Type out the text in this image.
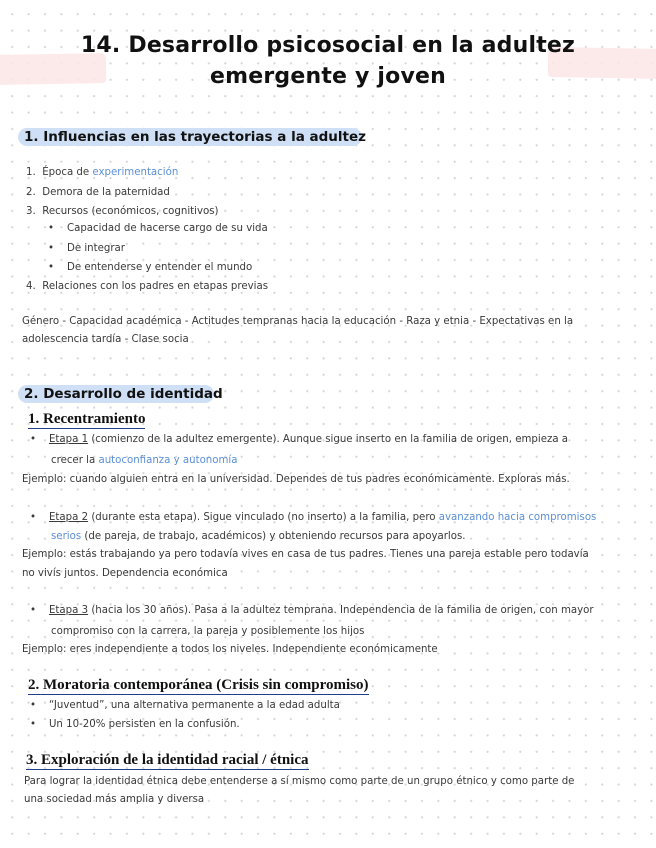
14. Desarrollo psicosocial en la adultez
emergente y joven
1. Influencias en las trayectorias a la adultez
1. Época de experimentación
2. Demora de la paternidad
3. Recursos (económicos, cognitivos)
•    Capacidad de hacerse cargo de su vida
•    De integrar
•    De entenderse y entender el mundo
4. Relaciones con los padres en etapas previas
Género - Capacidad académica - Actitudes tempranas hacia la educación - Raza y etnia - Expectativas en la
adolescencia tardía - Clase socia
2. Desarrollo de identidad
1. Recentramiento
•    Etapa 1 (comienzo de la adultez emergente). Aunque sigue inserto en la familia de origen, empieza a
crecer la autoconfianza y autonomía
Ejemplo: cuando alguien entra en la universidad. Dependes de tus padres económicamente. Exploras más.
•    Etapa 2 (durante esta etapa). Sigue vinculado (no inserto) a la familia, pero avanzando hacia compromisos
serios (de pareja, de trabajo, académicos) y obteniendo recursos para apoyarlos.
Ejemplo: estás trabajando ya pero todavía vives en casa de tus padres. Tienes una pareja estable pero todavía
no vivís juntos. Dependencia económica
•    Etapa 3 (hacia los 30 años). Pasa a la adultez temprana. Independencia de la familia de origen, con mayor
compromiso con la carrera, la pareja y posiblemente los hijos
Ejemplo: eres independiente a todos los niveles. Independiente económicamente
2. Moratoria contemporánea (Crisis sin compromiso)
•    “Juventud”, una alternativa permanente a la edad adulta
•    Un 10-20% persisten en la confusión.
3. Exploración de la identidad racial / étnica
Para lograr la identidad étnica debe entenderse a sí mismo como parte de un grupo étnico y como parte de
una sociedad más amplia y diversa
